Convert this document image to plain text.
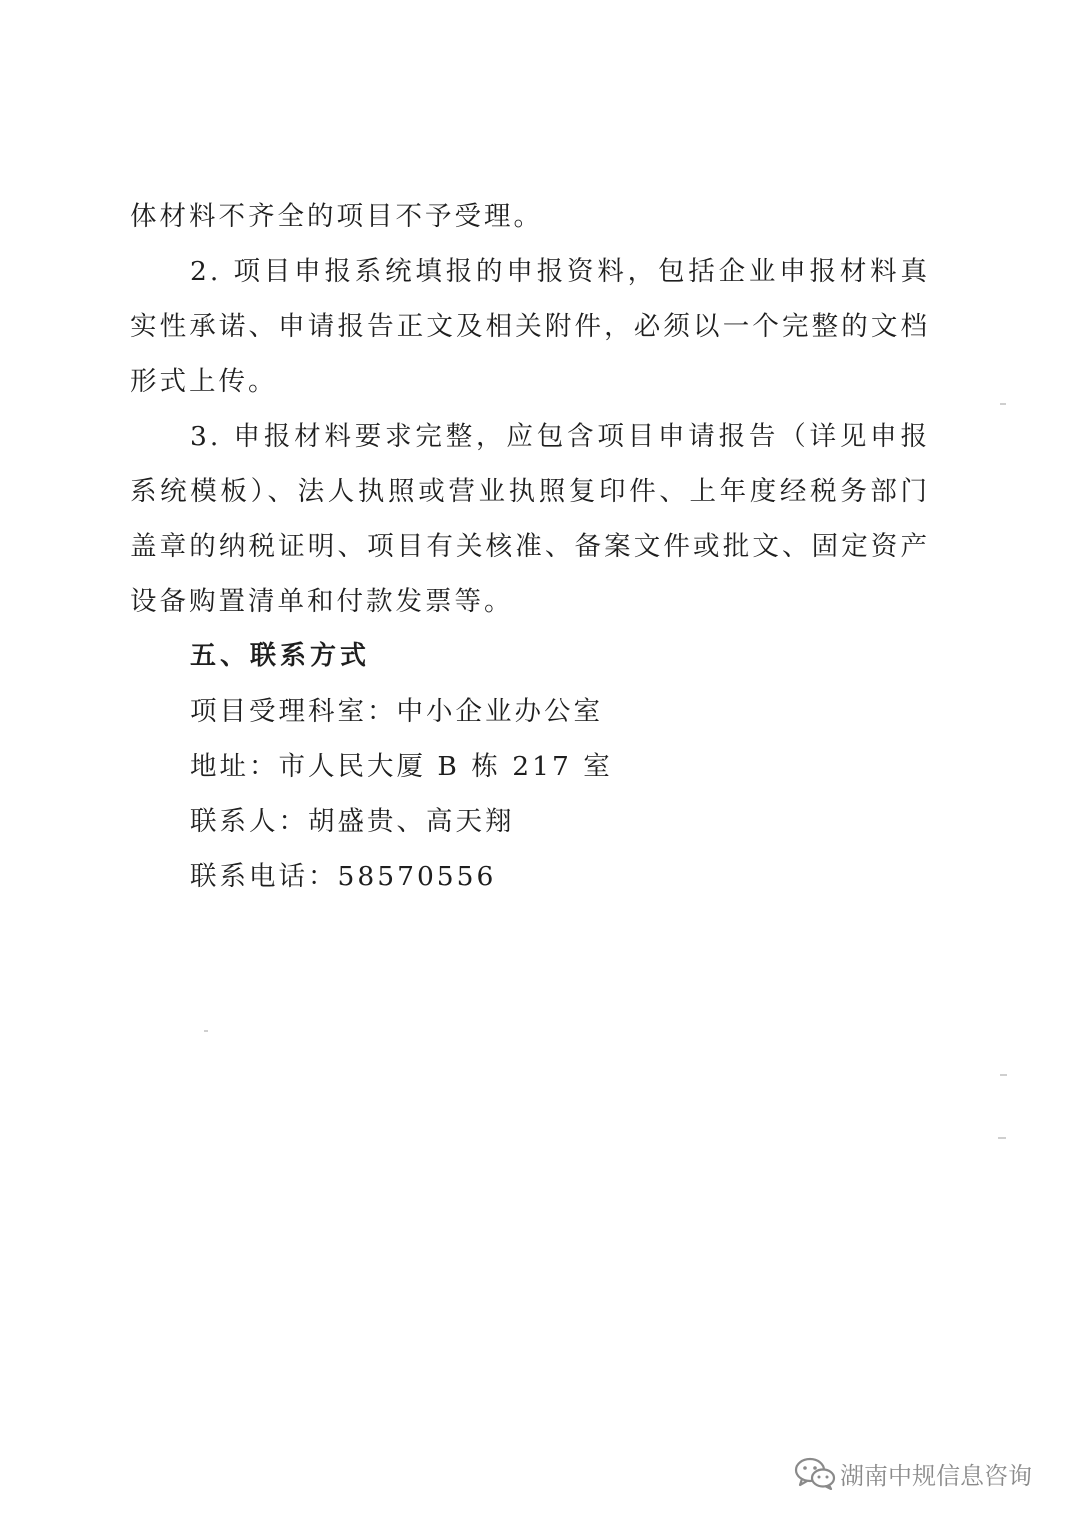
体材料不齐全的项目不予受理。

2. 项目申报系统填报的申报资料，包括企业申报材料真实性承诺、申请报告正文及相关附件，必须以一个完整的文档形式上传。

3. 申报材料要求完整，应包含项目申请报告（详见申报系统模板）、法人执照或营业执照复印件、上年度经税务部门盖章的纳税证明、项目有关核准、备案文件或批文、固定资产设备购置清单和付款发票等。

五、联系方式

项目受理科室：中小企业办公室

地址：市人民大厦 B 栋 217 室

联系人：胡盛贵、高天翔

联系电话：58570556

湖南中规信息咨询
